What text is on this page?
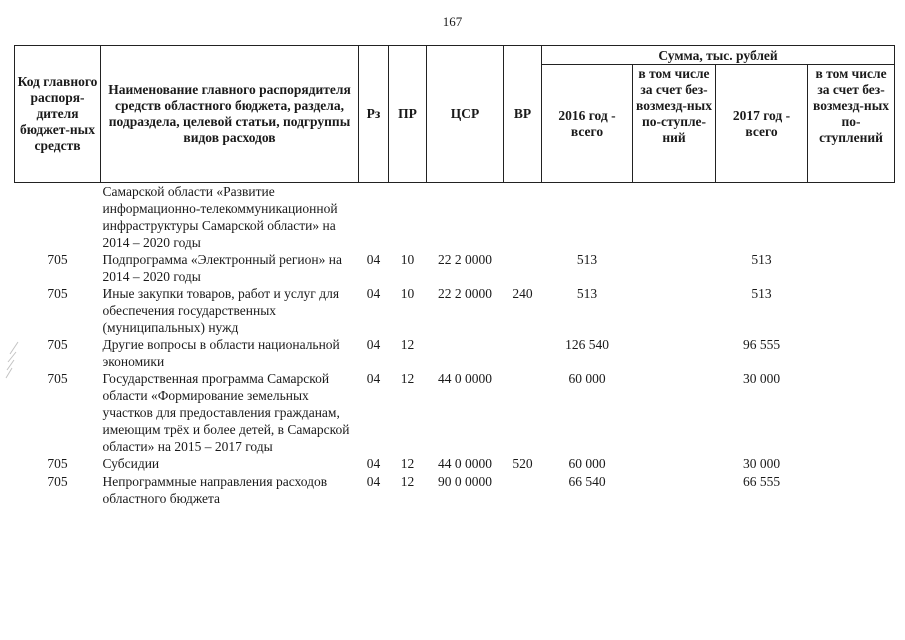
167
Код главного распоря-дителя бюджет-ных средств	Наименование главного распорядителя средств областного бюджета, раздела, подраздела, целевой статьи, подгруппы видов расходов	Рз	ПР	ЦСР	ВР	Сумма, тыс. рублей			
						2016 год - всего	в том числе за счет без-возмезд-ных по-ступле-ний	2017 год - всего	в том числе за счет без-возмезд-ных по-ступлений
	Самарской области «Развитие информационно-телекоммуникационной инфраструктуры Самарской области» на 2014 – 2020 годы								
705	Подпрограмма «Электронный регион» на 2014 – 2020 годы	04	10	22 2 0000		513		513	
705	Иные закупки товаров, работ и услуг для обеспечения государственных (муниципальных) нужд	04	10	22 2 0000	240	513		513	
705	Другие вопросы в области национальной экономики	04	12			126 540		96 555	
705	Государственная программа Самарской области «Формирование земельных участков для предоставления гражданам, имеющим трёх и более детей, в Самарской области» на 2015 – 2017 годы	04	12	44 0 0000		60 000		30 000	
705	Субсидии	04	12	44 0 0000	520	60 000		30 000	
705	Непрограммные направления расходов областного бюджета	04	12	90 0 0000		66 540		66 555	
